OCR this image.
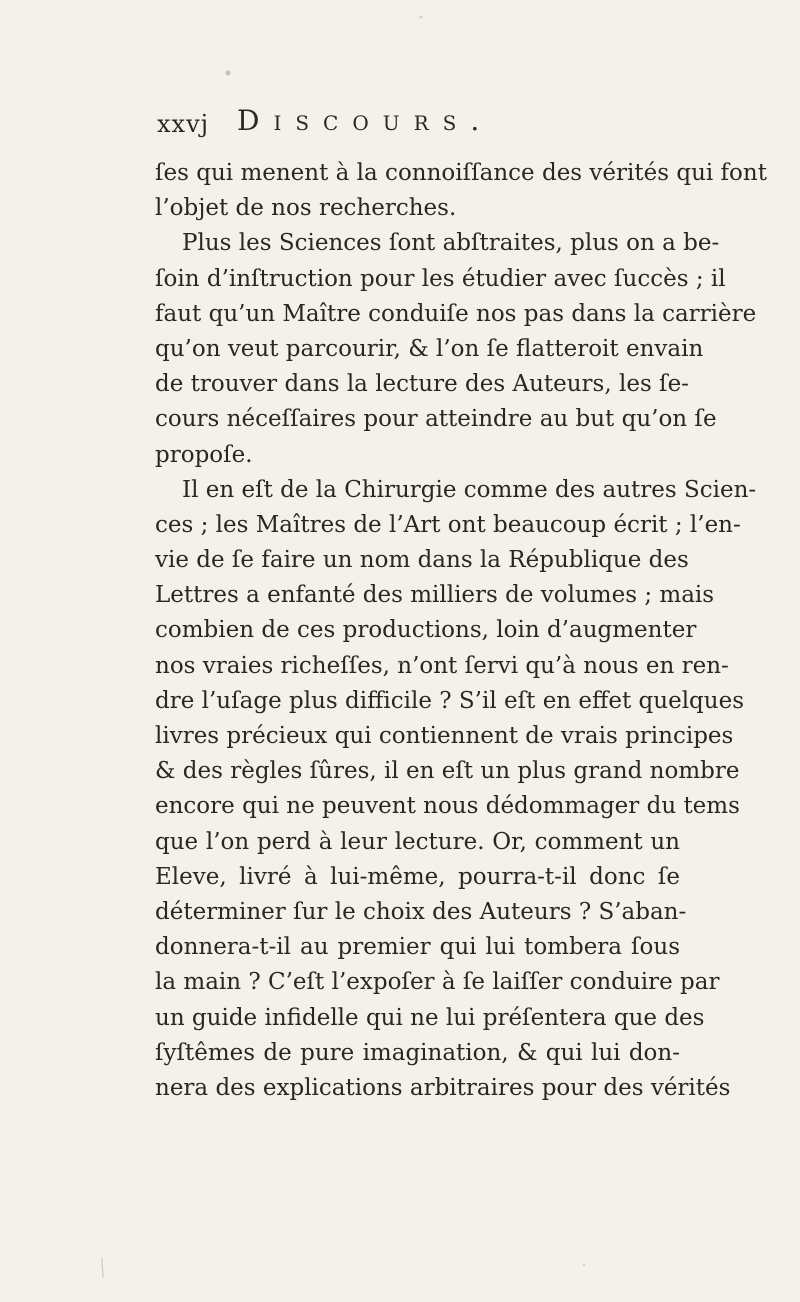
xxvj Discours.
ſes qui menent à la connoiſſance des vérités qui font
l’objet de nos recherches.
Plus les Sciences ſont abſtraites, plus on a be-
ſoin d’inſtruction pour les étudier avec ſuccès ; il
faut qu’un Maître conduiſe nos pas dans la carrière
qu’on veut parcourir, & l’on ſe flatteroit envain
de trouver dans la lecture des Auteurs, les ſe-
cours néceſſaires pour atteindre au but qu’on ſe
propoſe.
Il en eſt de la Chirurgie comme des autres Scien-
ces ; les Maîtres de l’Art ont beaucoup écrit ; l’en-
vie de ſe faire un nom dans la République des
Lettres a enfanté des milliers de volumes ; mais
combien de ces productions, loin d’augmenter
nos vraies richeſſes, n’ont ſervi qu’à nous en ren-
dre l’uſage plus difficile ? S’il eſt en effet quelques
livres précieux qui contiennent de vrais principes
& des règles ſûres, il en eſt un plus grand nombre
encore qui ne peuvent nous dédommager du tems
que l’on perd à leur lecture. Or, comment un
Eleve, livré à lui-même, pourra-t-il donc ſe
déterminer ſur le choix des Auteurs ? S’aban-
donnera-t-il au premier qui lui tombera ſous
la main ? C’eſt l’expoſer à ſe laiſſer conduire par
un guide infidelle qui ne lui préſentera que des
ſyſtêmes de pure imagination, & qui lui don-
nera des explications arbitraires pour des vérités
